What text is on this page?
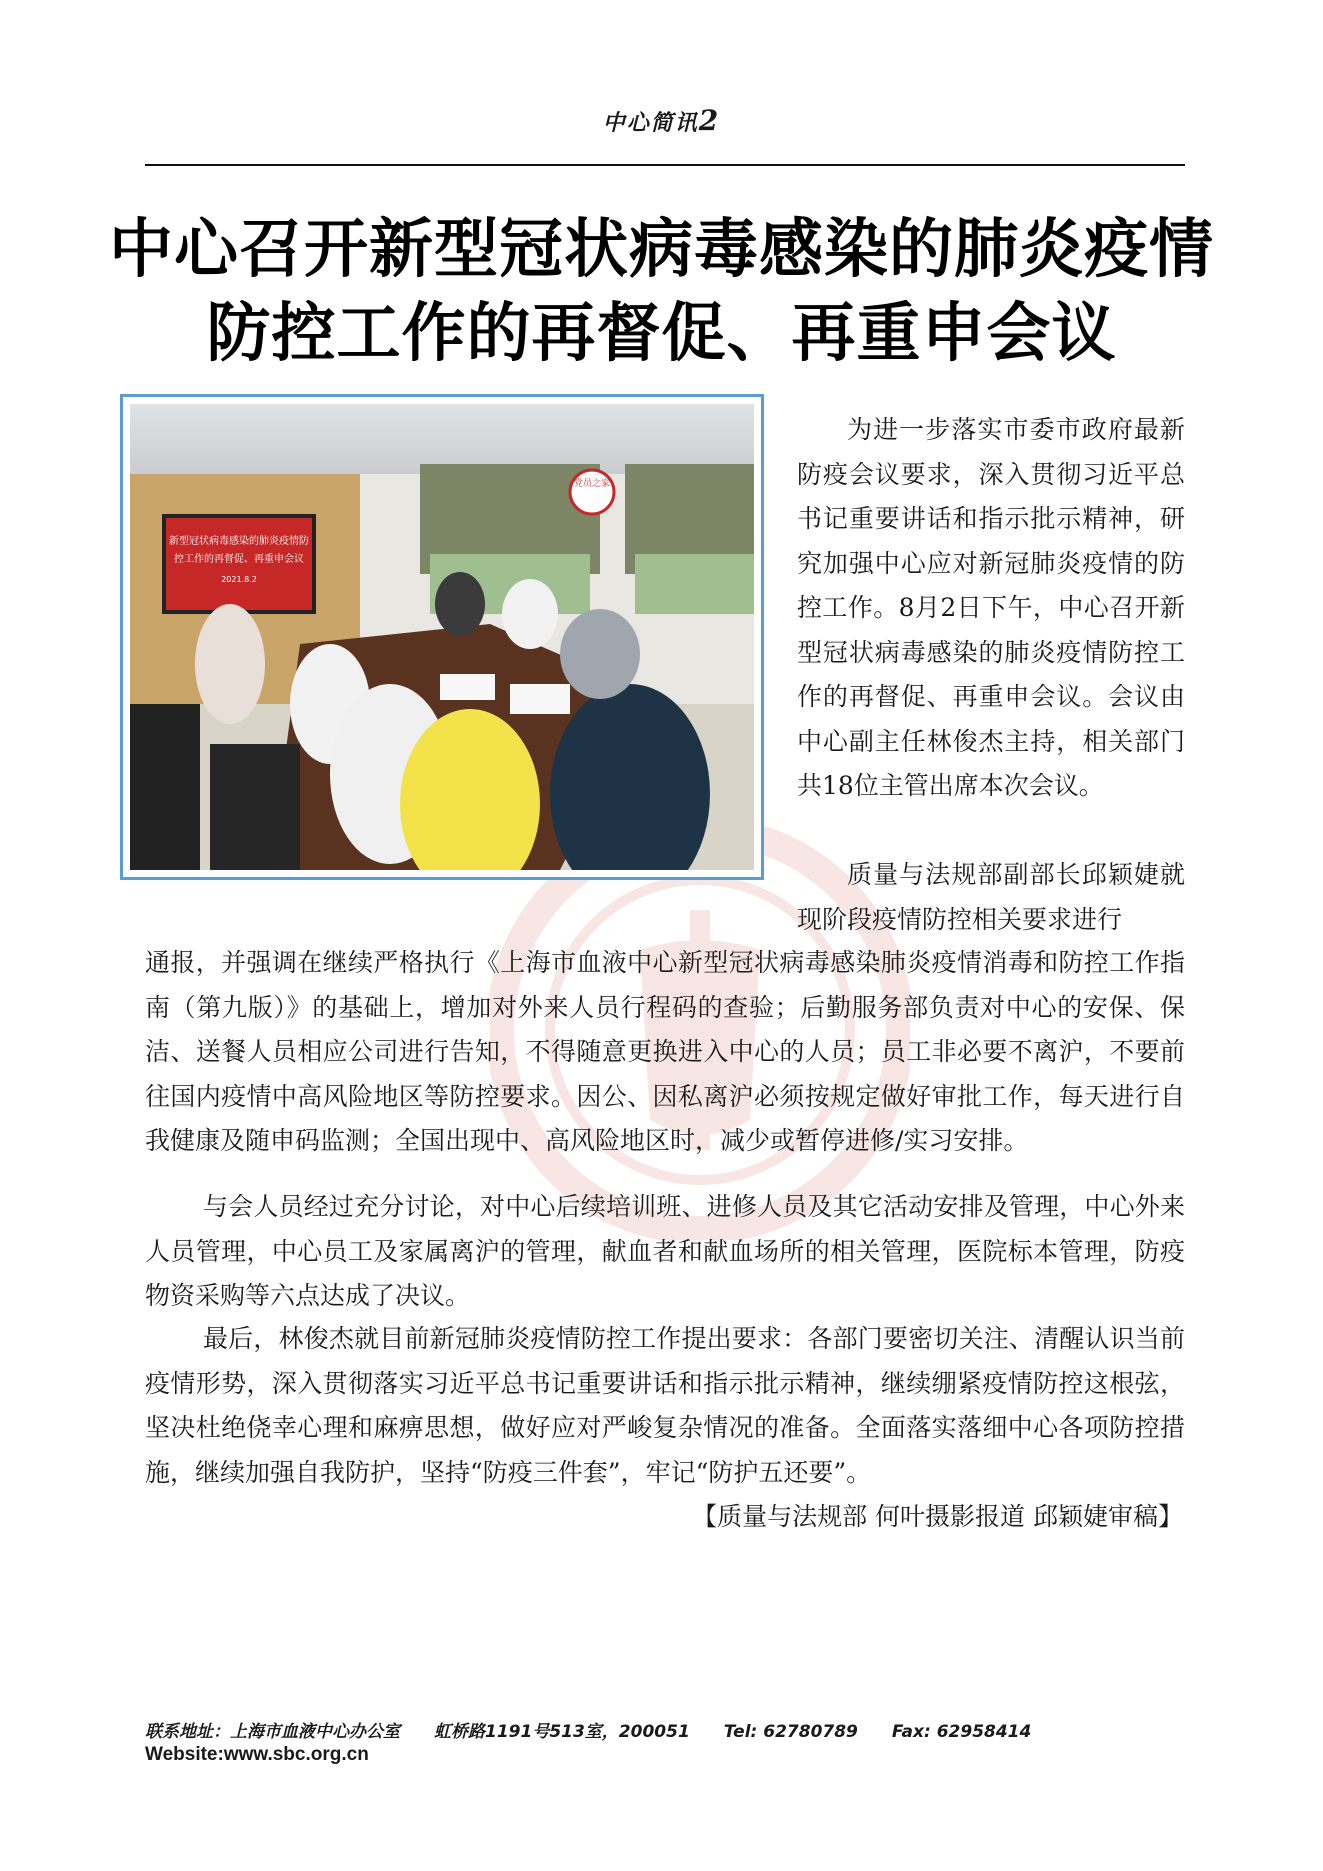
中心简讯2
中心召开新型冠状病毒感染的肺炎疫情
防控工作的再督促、再重申会议
党员之家
新型冠状病毒感染的肺炎疫情防
控工作的再督促、再重申会议
2021.8.2

为进一步落实市委市政府最新防疫会议要求，深入贯彻习近平总书记重要讲话和指示批示精神，研究加强中心应对新冠肺炎疫情的防控工作。8月2日下午，中心召开新型冠状病毒感染的肺炎疫情防控工作的再督促、再重申会议。会议由中心副主任林俊杰主持，相关部门共18位主管出席本次会议。

质量与法规部副部长邱颖婕就现阶段疫情防控相关要求进行

通报，并强调在继续严格执行《上海市血液中心新型冠状病毒感染肺炎疫情消毒和防控工作指南（第九版）》的基础上，增加对外来人员行程码的查验；后勤服务部负责对中心的安保、保洁、送餐人员相应公司进行告知，不得随意更换进入中心的人员；员工非必要不离沪，不要前往国内疫情中高风险地区等防控要求。因公、因私离沪必须按规定做好审批工作，每天进行自我健康及随申码监测；全国出现中、高风险地区时，减少或暂停进修/实习安排。

与会人员经过充分讨论，对中心后续培训班、进修人员及其它活动安排及管理，中心外来人员管理，中心员工及家属离沪的管理，献血者和献血场所的相关管理，医院标本管理，防疫物资采购等六点达成了决议。

最后，林俊杰就目前新冠肺炎疫情防控工作提出要求：各部门要密切关注、清醒认识当前疫情形势，深入贯彻落实习近平总书记重要讲话和指示批示精神，继续绷紧疫情防控这根弦，坚决杜绝侥幸心理和麻痹思想，做好应对严峻复杂情况的准备。全面落实落细中心各项防控措施，继续加强自我防护，坚持“防疫三件套”，牢记“防护五还要”。

【质量与法规部 何叶摄影报道 邱颖婕审稿】
联系地址：上海市血液中心办公室 虹桥路1191号513室，200051 Tel: 62780789 Fax: 62958414
Website:www.sbc.org.cn
